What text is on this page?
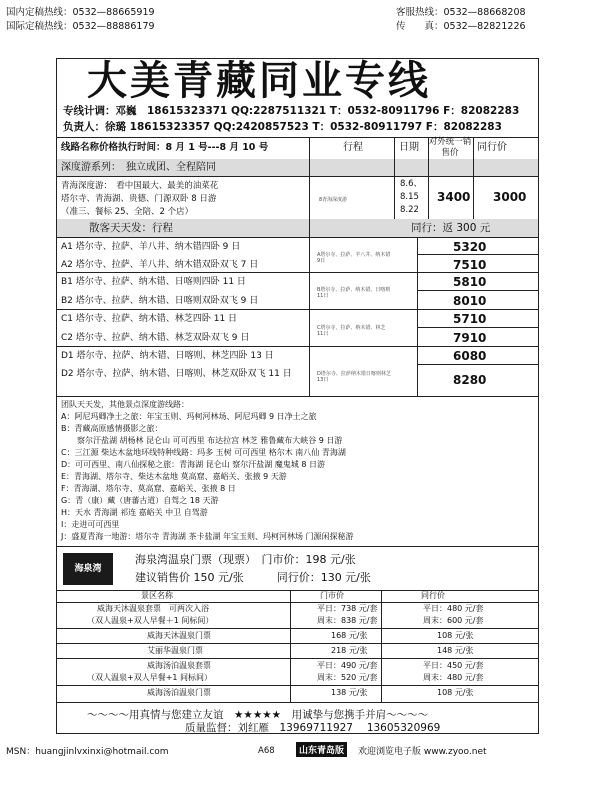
国内定稿热线：0532—88665919
国际定稿热线：0532—88886179
客服热线：0532—88668208
传　　真：0532—82821226
大美青藏同业专线
专线计调：邓巍　18615323371 QQ:2287511321 T：0532-80911796 F：82082283
负责人：徐璐 18615323357 QQ:2420857523 T：0532-80911797 F：82082283
线路名称价格执行时间：8 月 1 号---8 月 10 号	行程	日期 对外统一销售价	同行价
深度游系列：　独立成团、全程陪同
青海深度游：　看中国最大、最美的油菜花
塔尔寺、青海湖、贵德、门源双卧 8 日游
（准三、餐标 25、全陪、2 个店）
8青海深度游
8.6、
8.15
8.22
3400 3000
散客天天发：行程	同行：返 300 元
A1 塔尔寺、拉萨、羊八井、纳木错四卧 9 日	5320
A2 塔尔寺、拉萨、羊八井、纳木错双卧双飞 7 日	7510
A塔尔寺、拉萨、羊八井、纳木错9日
B1 塔尔寺、拉萨、纳木错、日喀则四卧 11 日	5810
B2 塔尔寺、拉萨、纳木错、日喀则双卧双飞 9 日	8010
B塔尔寺、拉萨、纳木错、日喀则11日
C1 塔尔寺、拉萨、纳木错、林芝四卧 11 日	5710
C2 塔尔寺、拉萨、纳木错、林芝双卧双飞 9 日	7910
C塔尔寺、拉萨、纳木错、林芝11日
D1 塔尔寺、拉萨、纳木错、日喀则、林芝四卧 13 日	6080
D2 塔尔寺、拉萨、纳木错、日喀则、林芝双卧双飞 11 日	8280
D塔尔寺、拉萨纳木错日喀则林芝13日
团队天天发，其他景点深度游线路：
A：阿尼玛卿净土之旅：年宝玉则、玛柯河林场、阿尼玛卿 9 日净土之旅
B：青藏高原感情摄影之旅：
　　察尔汗盐湖 胡杨林 昆仑山 可可西里 布达拉宫 林芝 雅鲁藏布大峡谷 9 日游
C：三江源 柴达木盆地环线特种线路：玛多 玉树 可可西里 格尔木 南八仙 青海湖
D：可可西里、南八仙探秘之旅：青海湖 昆仑山 察尔汗盐湖 魔鬼城 8 日游
E：青海湖、塔尔寺、柴达木盆地 莫高窟、嘉峪关、张掖 9 天游
F：青海湖、塔尔寺、莫高窟、嘉峪关、张掖 8 日
G：青（康）藏（唐蕃古道）自驾之 18 天游
H：天水 青海湖 祁连 嘉峪关 中卫 自驾游
I：走进可可西里
J：盛夏青海一地游：塔尔寺 青海湖 茶卡盐湖 年宝玉则、玛柯河林场 门源闲探秘游
海泉湾
海泉湾温泉门票（现票）　门市价：198 元/张
建议销售价 150 元/张　　　同行价：130 元/张
景区名称	门市价	同行价
威海天沐温泉套票　可两次入浴	平日：738 元/套	平日：480 元/套
（双人温泉+双人早餐＋1 间标间）	周末：838 元/套	周末：600 元/套
威海天沐温泉门票	168 元/张	108 元/张
艾丽华温泉门票	218 元/张	148 元/张
威海汤泊温泉套票	平日：490 元/套	平日：450 元/套
（双人温泉+双人早餐+1 间标间）	周末：520 元/套	周末：480 元/套
威海汤泊温泉门票	138 元/张	108 元/张
～～～～用真情与您建立友谊　★★★★★　用诚挚与您携手并肩～～～～
质量监督：刘红雁　13969711927　 13605320969
MSN：huangjinlvxinxi@hotmail.com	A68	山东青岛版	欢迎浏览电子版 www.zyoo.net
